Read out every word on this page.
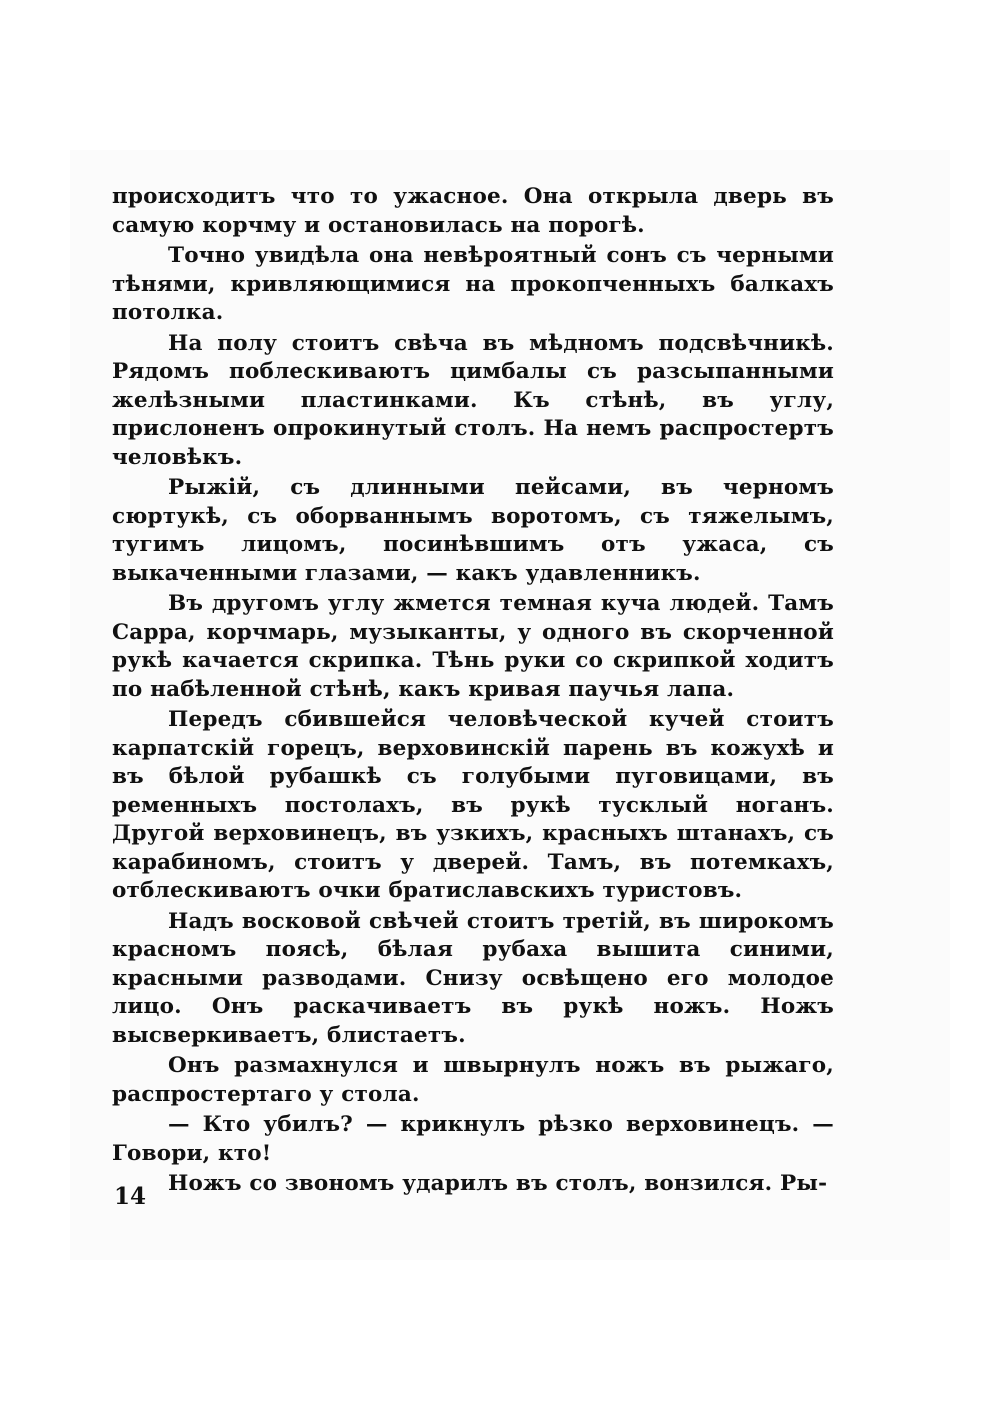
происходитъ что то ужасное. Она открыла дверь въ самую корчму и остановилась на порогѣ.

Точно увидѣла она невѣроятный сонъ съ черными тѣнями, кривляющимися на прокопченныхъ балкахъ потолка.

На полу стоитъ свѣча въ мѣдномъ подсвѣчникѣ. Рядомъ поблескиваютъ цимбалы съ разсыпанными желѣзными пластинками. Къ стѣнѣ, въ углу, прислоненъ опрокинутый столъ. На немъ распростертъ человѣкъ.

Рыжій, съ длинными пейсами, въ черномъ сюртукѣ, съ оборваннымъ воротомъ, съ тяжелымъ, тугимъ лицомъ, посинѣвшимъ отъ ужаса, съ выкаченными глазами, — какъ удавленникъ.

Въ другомъ углу жмется темная куча людей. Тамъ Сарра, корчмарь, музыканты, у одного въ скорченной рукѣ качается скрипка. Тѣнь руки со скрипкой ходитъ по набѣленной стѣнѣ, какъ кривая паучья лапа.

Передъ сбившейся человѣческой кучей стоитъ карпатскій горецъ, верховинскій парень въ кожухѣ и въ бѣлой рубашкѣ съ голубыми пуговицами, въ ременныхъ постолахъ, въ рукѣ тусклый ноганъ. Другой верховинецъ, въ узкихъ, красныхъ штанахъ, съ карабиномъ, стоитъ у дверей. Тамъ, въ потемкахъ, отблескиваютъ очки братиславскихъ туристовъ.

Надъ восковой свѣчей стоитъ третій, въ широкомъ красномъ поясѣ, бѣлая рубаха вышита синими, красными разводами. Снизу освѣщено его молодое лицо. Онъ раскачиваетъ въ рукѣ ножъ. Ножъ высверкиваетъ, блистаетъ.

Онъ размахнулся и швырнулъ ножъ въ рыжаго, распростертаго у стола.

— Кто убилъ? — крикнулъ рѣзко верховинецъ. — Говори, кто!

Ножъ со звономъ ударилъ въ столъ, вонзился. Ры-

14
